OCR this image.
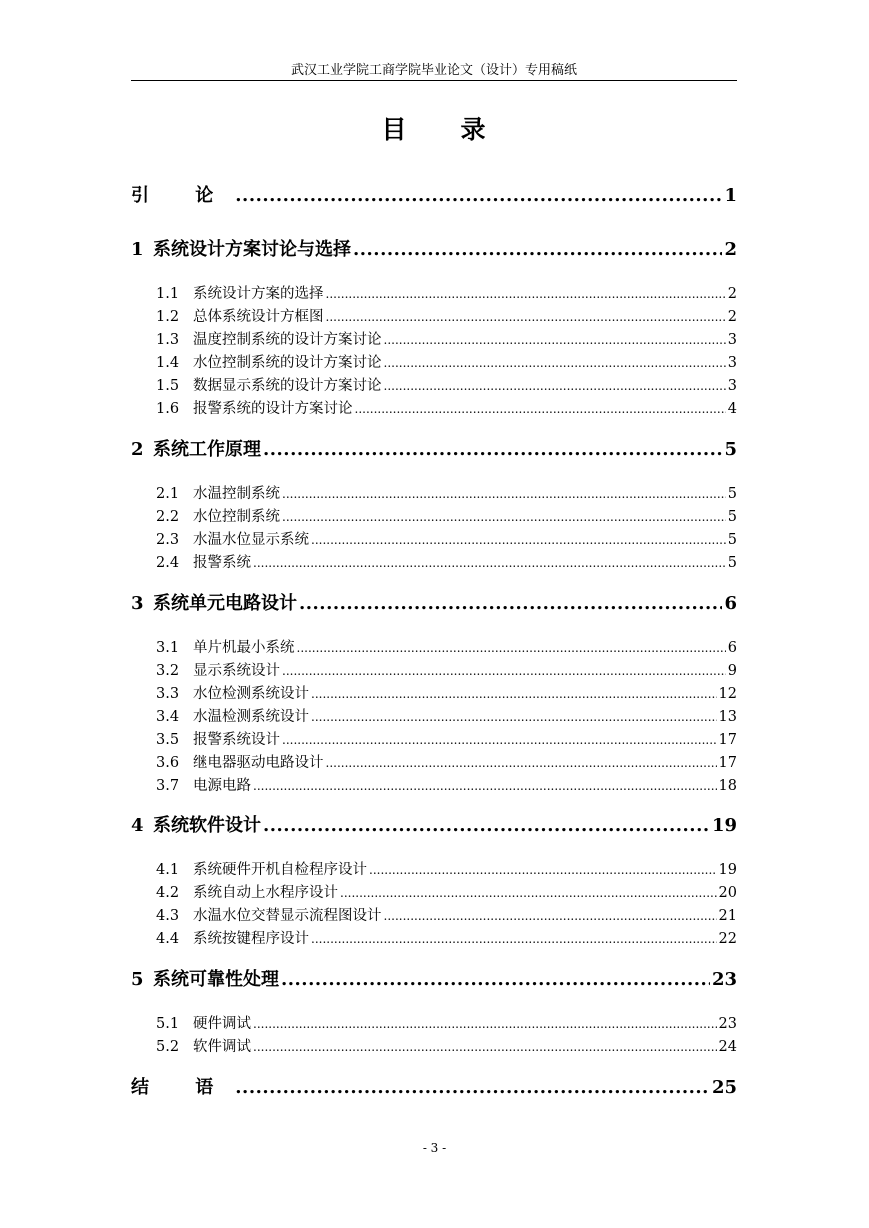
武汉工业学院工商学院毕业论文（设计）专用稿纸
目 录
引 论 .....	1
1 系统设计方案讨论与选择 .....	2
1.1 系统设计方案的选择 .....	2
1.2 总体系统设计方框图 .....	2
1.3 温度控制系统的设计方案讨论 .....	3
1.4 水位控制系统的设计方案讨论 .....	3
1.5 数据显示系统的设计方案讨论 .....	3
1.6 报警系统的设计方案讨论 .....	4
2 系统工作原理 .....	5
2.1 水温控制系统 .....	5
2.2 水位控制系统 .....	5
2.3 水温水位显示系统 .....	5
2.4 报警系统 .....	5
3 系统单元电路设计 .....	6
3.1 单片机最小系统 .....	6
3.2 显示系统设计 .....	9
3.3 水位检测系统设计 .....	12
3.4 水温检测系统设计 .....	13
3.5 报警系统设计 .....	17
3.6 继电器驱动电路设计 .....	17
3.7 电源电路 .....	18
4 系统软件设计 .....	19
4.1 系统硬件开机自检程序设计 .....	19
4.2 系统自动上水程序设计 .....	20
4.3 水温水位交替显示流程图设计 .....	21
4.4 系统按键程序设计 .....	22
5 系统可靠性处理 .....	23
5.1 硬件调试 .....	23
5.2 软件调试 .....	24
结 语 .....	25
- 3 -
